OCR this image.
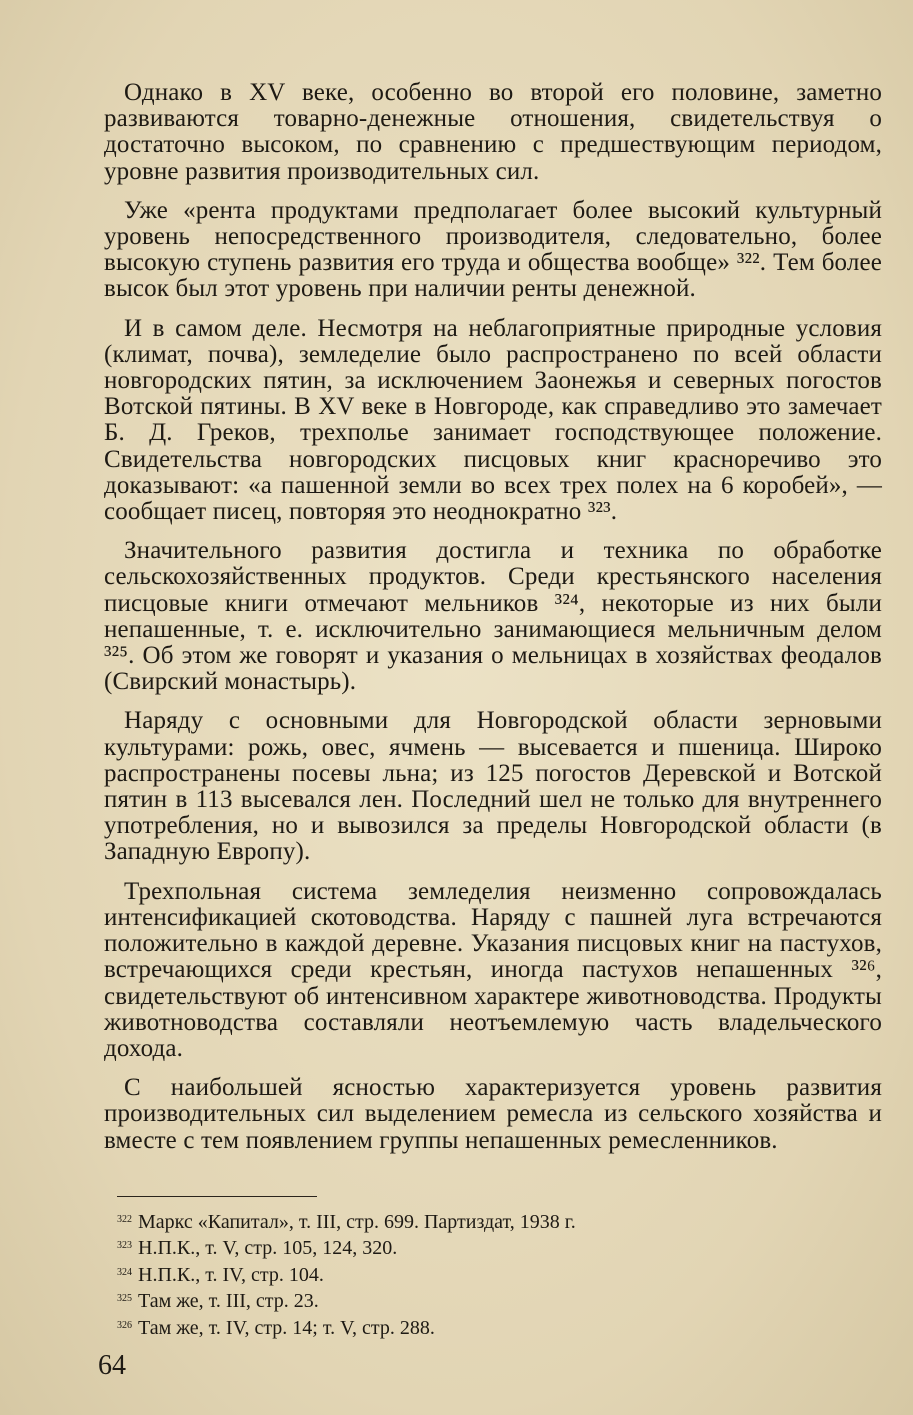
Однако в XV веке, особенно во второй его половине, заметно развиваются товарно-денежные отношения, свидетельствуя о достаточно высоком, по сравнению с предшествующим периодом, уровне развития производительных сил.

Уже «рента продуктами предполагает более высокий культурный уровень непосредственного производителя, следовательно, более высокую ступень развития его труда и общества вообще» ³²². Тем более высок был этот уровень при наличии ренты денежной.

И в самом деле. Несмотря на неблагоприятные природные условия (климат, почва), земледелие было распространено по всей области новгородских пятин, за исключением Заонежья и северных погостов Вотской пятины. В XV веке в Новгороде, как справедливо это замечает Б. Д. Греков, трехполье занимает господствующее положение. Свидетельства новгородских писцовых книг красноречиво это доказывают: «а пашенной земли во всех трех полех на 6 коробей», — сообщает писец, повторяя это неоднократно ³²³.

Значительного развития достигла и техника по обработке сельскохозяйственных продуктов. Среди крестьянского населения писцовые книги отмечают мельников ³²⁴, некоторые из них были непашенные, т. е. исключительно занимающиеся мельничным делом ³²⁵. Об этом же говорят и указания о мельницах в хозяйствах феодалов (Свирский монастырь).

Наряду с основными для Новгородской области зерновыми культурами: рожь, овес, ячмень — высевается и пшеница. Широко распространены посевы льна; из 125 погостов Деревской и Вотской пятин в 113 высевался лен. Последний шел не только для внутреннего употребления, но и вывозился за пределы Новгородской области (в Западную Европу).

Трехпольная система земледелия неизменно сопровождалась интенсификацией скотоводства. Наряду с пашней луга встречаются положительно в каждой деревне. Указания писцовых книг на пастухов, встречающихся среди крестьян, иногда пастухов непашенных ³²⁶, свидетельствуют об интенсивном характере животноводства. Продукты животноводства составляли неотъемлемую часть владельческого дохода.

С наибольшей ясностью характеризуется уровень развития производительных сил выделением ремесла из сельского хозяйства и вместе с тем появлением группы непашенных ремесленников.

$^{322}$ Маркс «Капитал», т. III, стр. 699. Партиздат, 1938 г.
$^{323}$ Н.П.К., т. V, стр. 105, 124, 320.
$^{324}$ Н.П.К., т. IV, стр. 104.
$^{325}$ Там же, т. III, стр. 23.
$^{326}$ Там же, т. IV, стр. 14; т. V, стр. 288.
64
